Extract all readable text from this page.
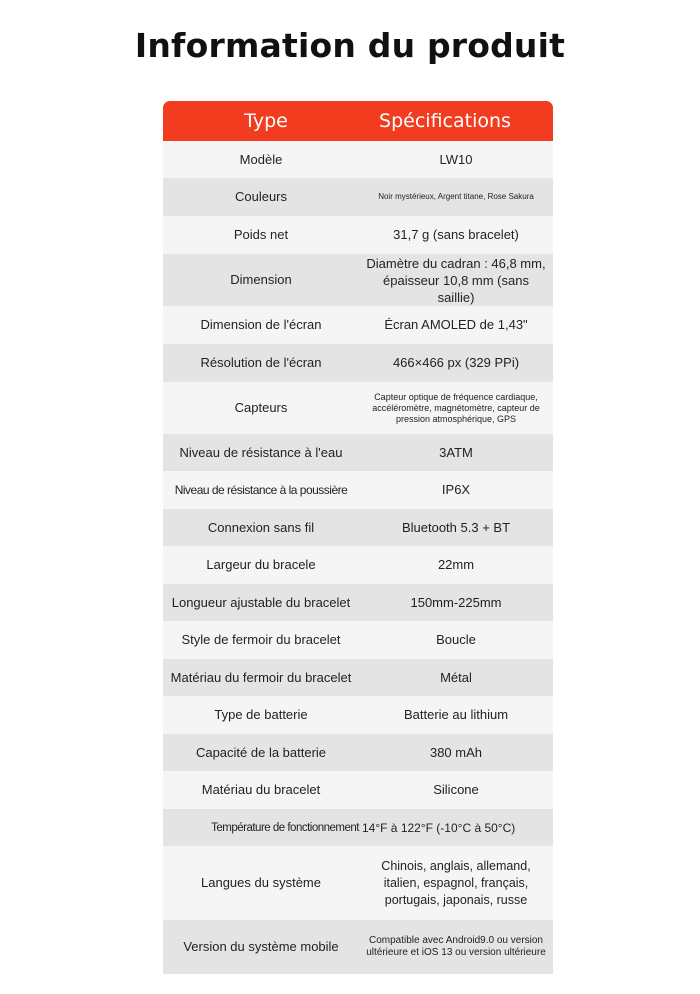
Information du produit
Type	Spécifications
Modèle	LW10
Couleurs	Noir mystérieux, Argent titane, Rose Sakura
Poids net	31,7 g (sans bracelet)
Dimension	Diamètre du cadran : 46,8 mm, épaisseur 10,8 mm (sans saillie)
Dimension de l'écran	Écran AMOLED de 1,43"
Résolution de l'écran	466×466 px (329 PPi)
Capteurs	Capteur optique de fréquence cardiaque, accéléromètre, magnétomètre, capteur de pression atmosphérique, GPS
Niveau de résistance à l'eau	3ATM
Niveau de résistance à la poussière	IP6X
Connexion sans fil	Bluetooth 5.3 + BT
Largeur du bracele	22mm
Longueur ajustable du bracelet	150mm-225mm
Style de fermoir du bracelet	Boucle
Matériau du fermoir du bracelet	Métal
Type de batterie	Batterie au lithium
Capacité de la batterie	380 mAh
Matériau du bracelet	Silicone
Température de fonctionnement	14°F à 122°F (-10°C à 50°C)
Langues du système	Chinois, anglais, allemand, italien, espagnol, français, portugais, japonais, russe
Version du système mobile	Compatible avec Android9.0 ou version ultérieure et iOS 13 ou version ultérieure
